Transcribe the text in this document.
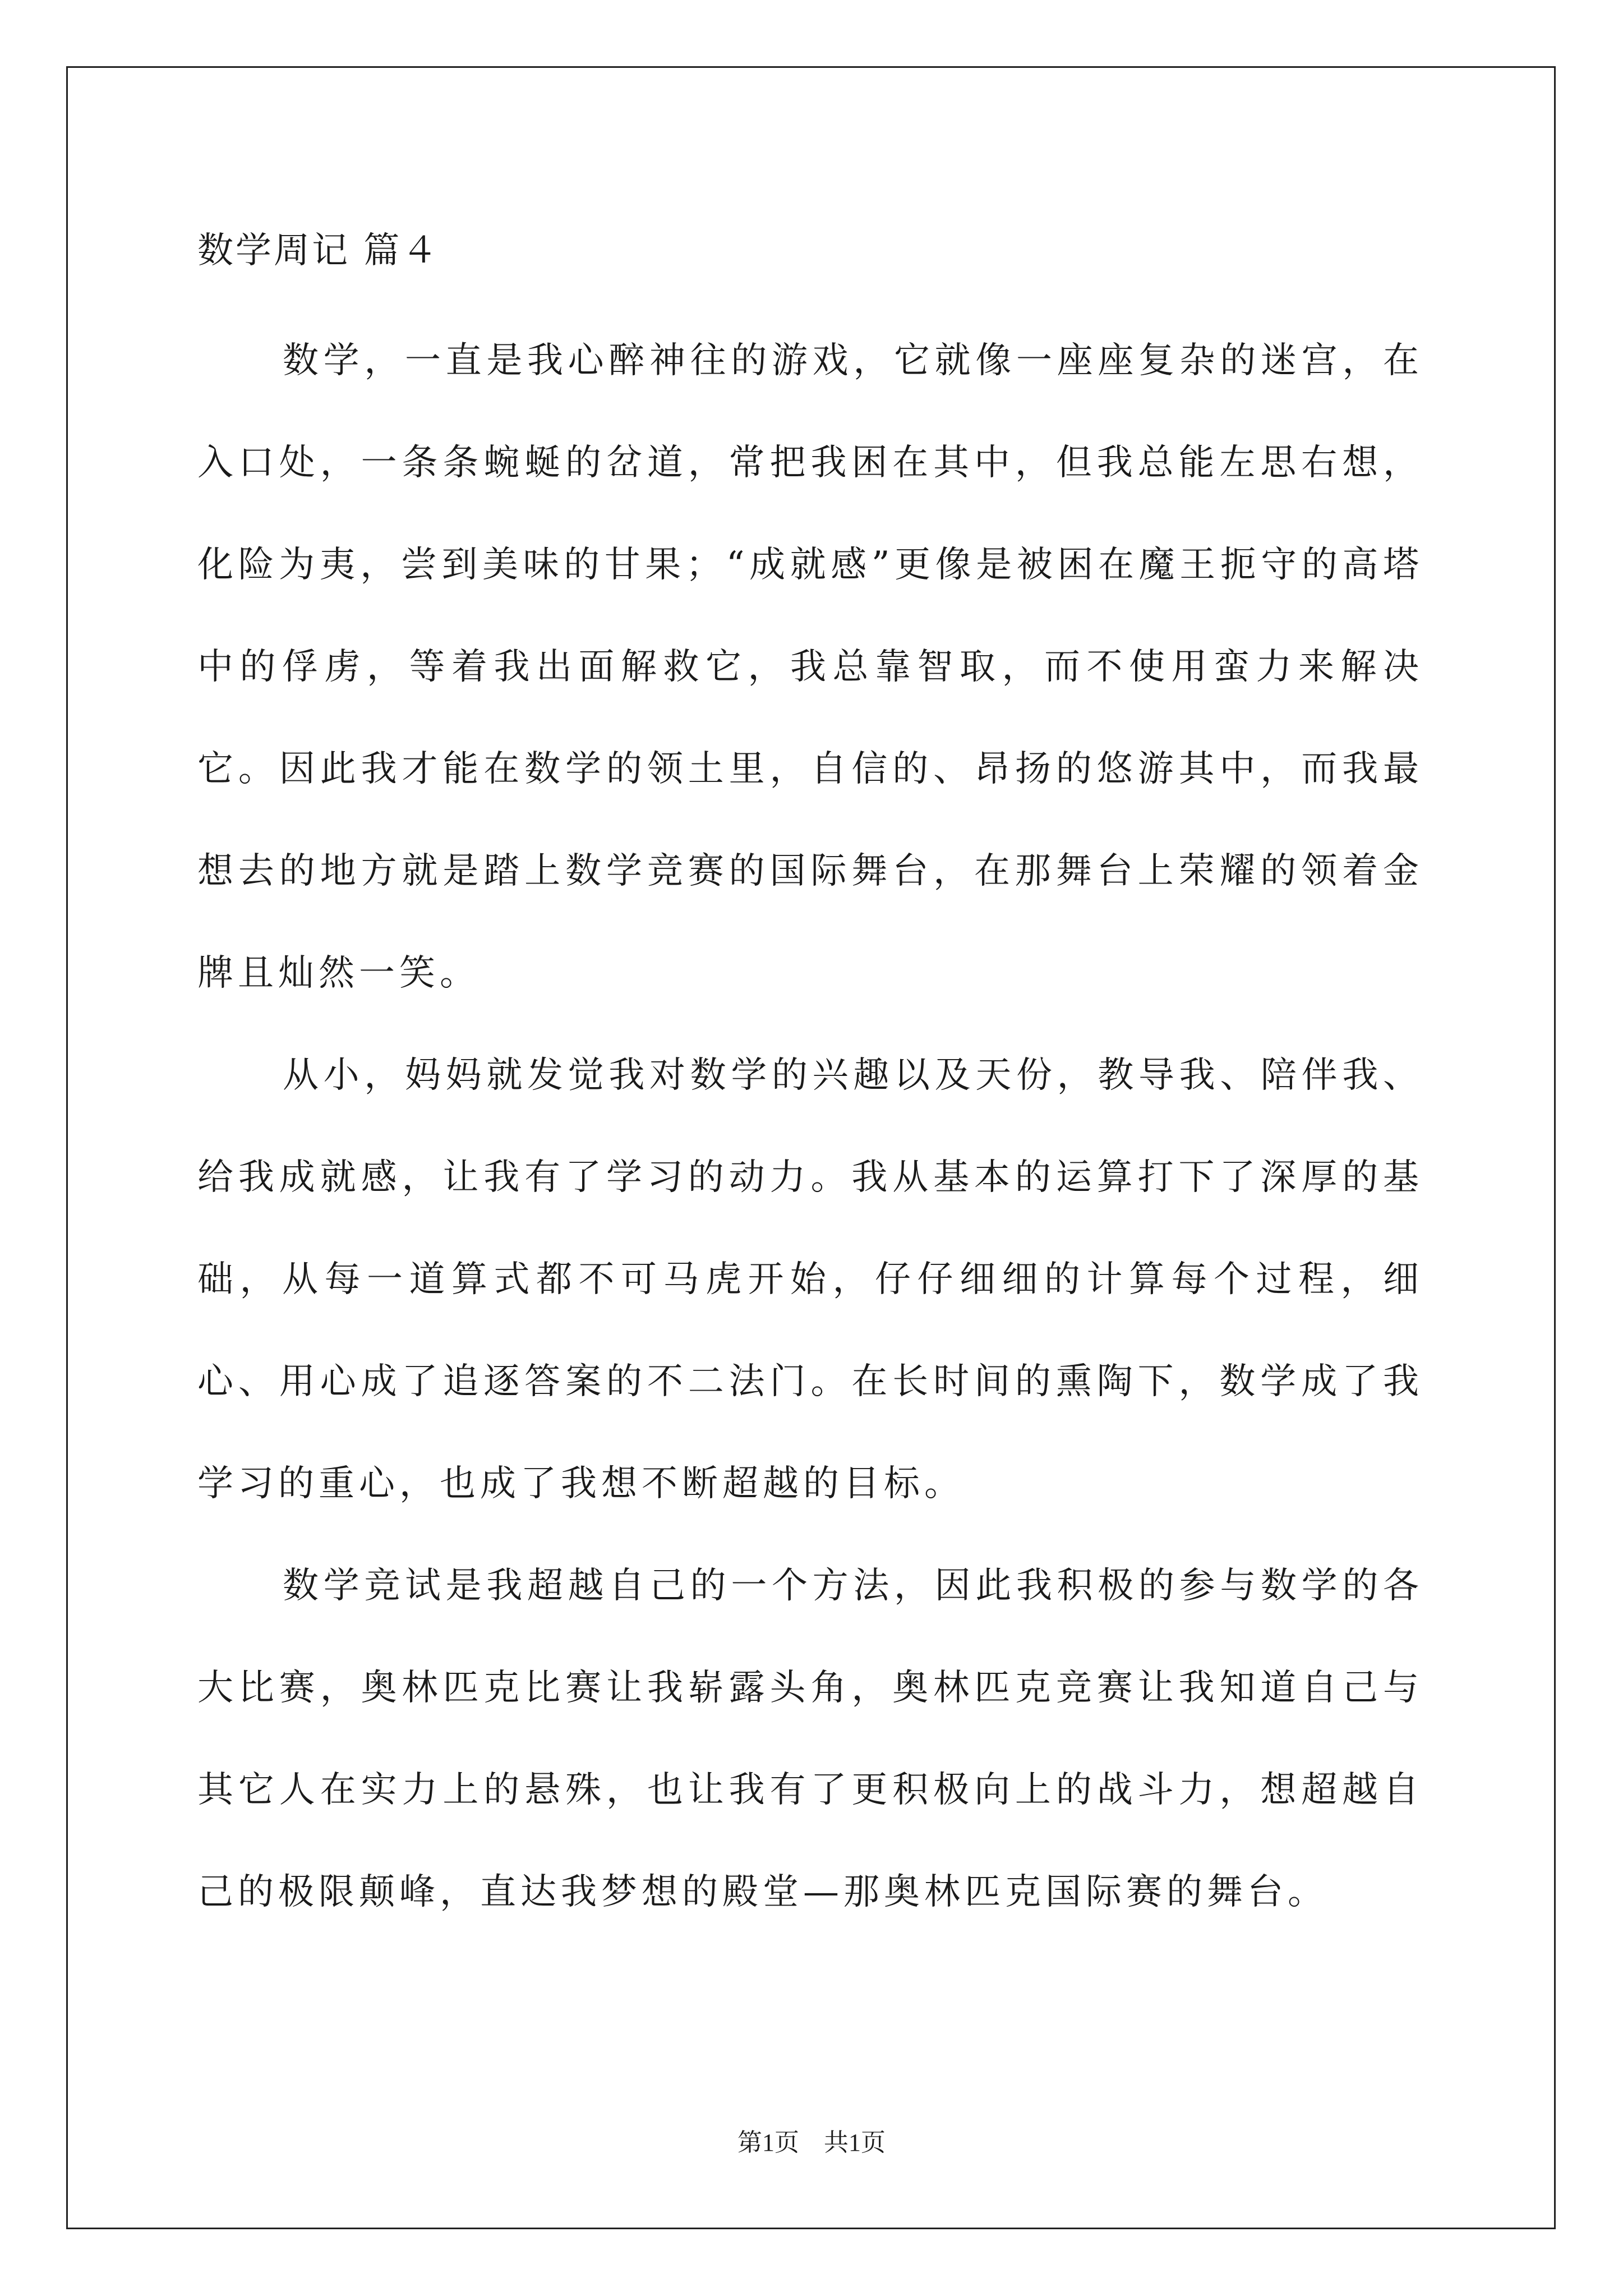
数学周记 篇４

数学，一直是我心醉神往的游戏，它就像一座座复杂的迷宫，在入口处，一条条蜿蜒的岔道，常把我困在其中，但我总能左思右想，化险为夷，尝到美味的甘果；“成就感”更像是被困在魔王扼守的高塔中的俘虏，等着我出面解救它，我总靠智取，而不使用蛮力来解决它。因此我才能在数学的领土里，自信的、昂扬的悠游其中，而我最想去的地方就是踏上数学竞赛的国际舞台，在那舞台上荣耀的领着金牌且灿然一笑。

从小，妈妈就发觉我对数学的兴趣以及天份，教导我、陪伴我、给我成就感，让我有了学习的动力。我从基本的运算打下了深厚的基础，从每一道算式都不可马虎开始，仔仔细细的计算每个过程，细心、用心成了追逐答案的不二法门。在长时间的熏陶下，数学成了我学习的重心，也成了我想不断超越的目标。

数学竞试是我超越自己的一个方法，因此我积极的参与数学的各大比赛，奥林匹克比赛让我崭露头角，奥林匹克竞赛让我知道自己与其它人在实力上的悬殊，也让我有了更积极向上的战斗力，想超越自己的极限颠峰，直达我梦想的殿堂—那奥林匹克国际赛的舞台。

第1页　共1页
